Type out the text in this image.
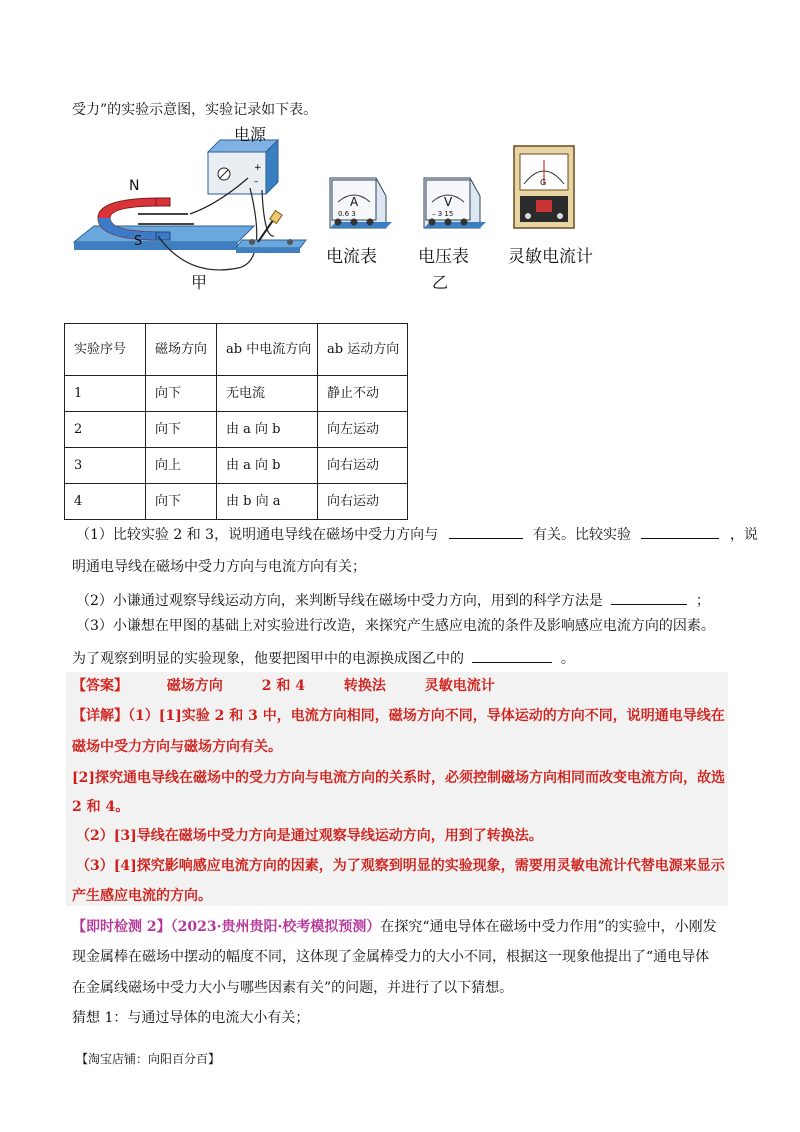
受力”的实验示意图，实验记录如下表。
+
–
电源
N
S
甲
A
0.6 3
V
– 3 15
G
电流表 电压表
乙
灵敏电流计
实验序号	磁场方向	ab 中电流方向	ab 运动方向
1	向下	无电流	静止不动
2	向下	由 a 向 b	向左运动
3	向上	由 a 向 b	向右运动
4	向下	由 b 向 a	向右运动
（1）比较实验 2 和 3，说明通电导线在磁场中受力方向与	有关。比较实验	，说
明通电导线在磁场中受力方向与电流方向有关；
（2）小谦通过观察导线运动方向，来判断导线在磁场中受力方向，用到的科学方法是	；
（3）小谦想在甲图的基础上对实验进行改造，来探究产生感应电流的条件及影响感应电流方向的因素。
为了观察到明显的实验现象，他要把图甲中的电源换成图乙中的	。
【答案】	磁场方向	2 和 4	转换法	灵敏电流计
【详解】（1）[1]实验 2 和 3 中，电流方向相同，磁场方向不同，导体运动的方向不同，说明通电导线在
磁场中受力方向与磁场方向有关。
[2]探究通电导线在磁场中的受力方向与电流方向的关系时，必须控制磁场方向相同而改变电流方向，故选
2 和 4。
（2）[3]导线在磁场中受力方向是通过观察导线运动方向，用到了转换法。
（3）[4]探究影响感应电流方向的因素，为了观察到明显的实验现象，需要用灵敏电流计代替电源来显示
产生感应电流的方向。
【即时检测 2】（2023·贵州贵阳·校考模拟预测）在探究“通电导体在磁场中受力作用”的实验中，小刚发
现金属棒在磁场中摆动的幅度不同，这体现了金属棒受力的大小不同，根据这一现象他提出了“通电导体
在金属线磁场中受力大小与哪些因素有关”的问题，并进行了以下猜想。
猜想 1：与通过导体的电流大小有关；
【淘宝店铺：向阳百分百】
